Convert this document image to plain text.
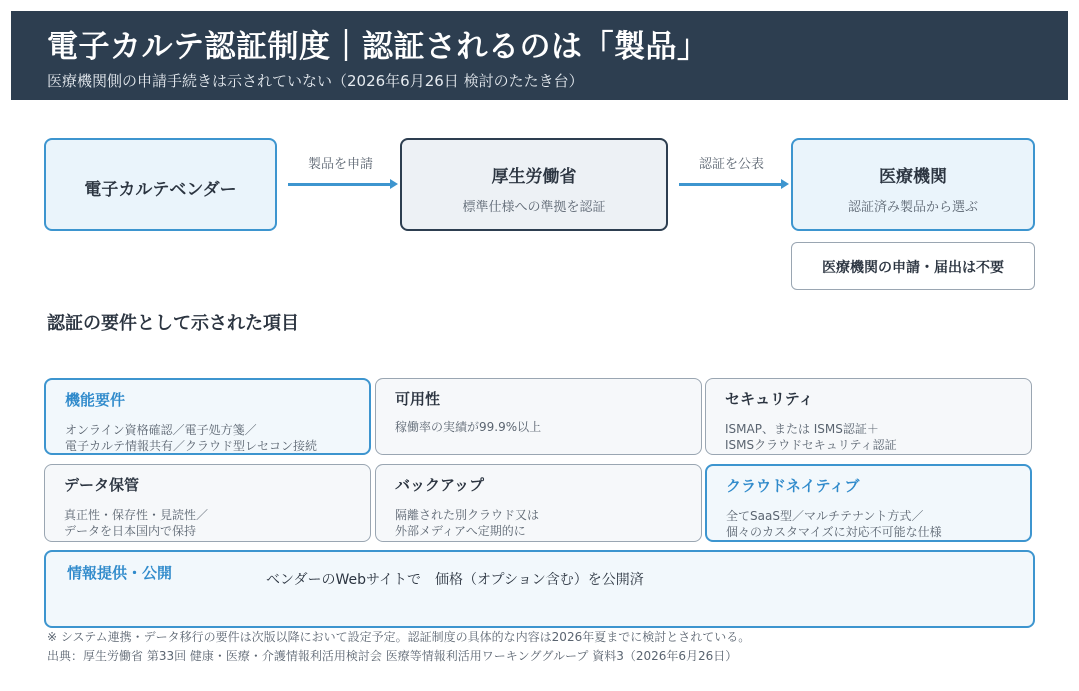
電子カルテ認証制度｜認証されるのは「製品」
医療機関側の申請手続きは示されていない（2026年6月26日 検討のたたき台）
電子カルテベンダー
製品を申請
厚生労働省
標準仕様への準拠を認証
認証を公表
医療機関
認証済み製品から選ぶ
医療機関の申請・届出は不要
認証の要件として示された項目
機能要件
オンライン資格確認／電子処方箋／
電子カルテ情報共有／クラウド型レセコン接続
可用性
稼働率の実績が99.9%以上
セキュリティ
ISMAP、または ISMS認証＋
ISMSクラウドセキュリティ認証
データ保管
真正性・保存性・見読性／
データを日本国内で保持
バックアップ
隔離された別クラウド又は
外部メディアへ定期的に
クラウドネイティブ
全てSaaS型／マルチテナント方式／
個々のカスタマイズに対応不可能な仕様
情報提供・公開	ベンダーのWebサイトで　価格（オプション含む）を公開済
※ システム連携・データ移行の要件は次版以降において設定予定。認証制度の具体的な内容は2026年夏までに検討とされている。
出典：厚生労働省 第33回 健康・医療・介護情報利活用検討会 医療等情報利活用ワーキンググループ 資料3（2026年6月26日）
